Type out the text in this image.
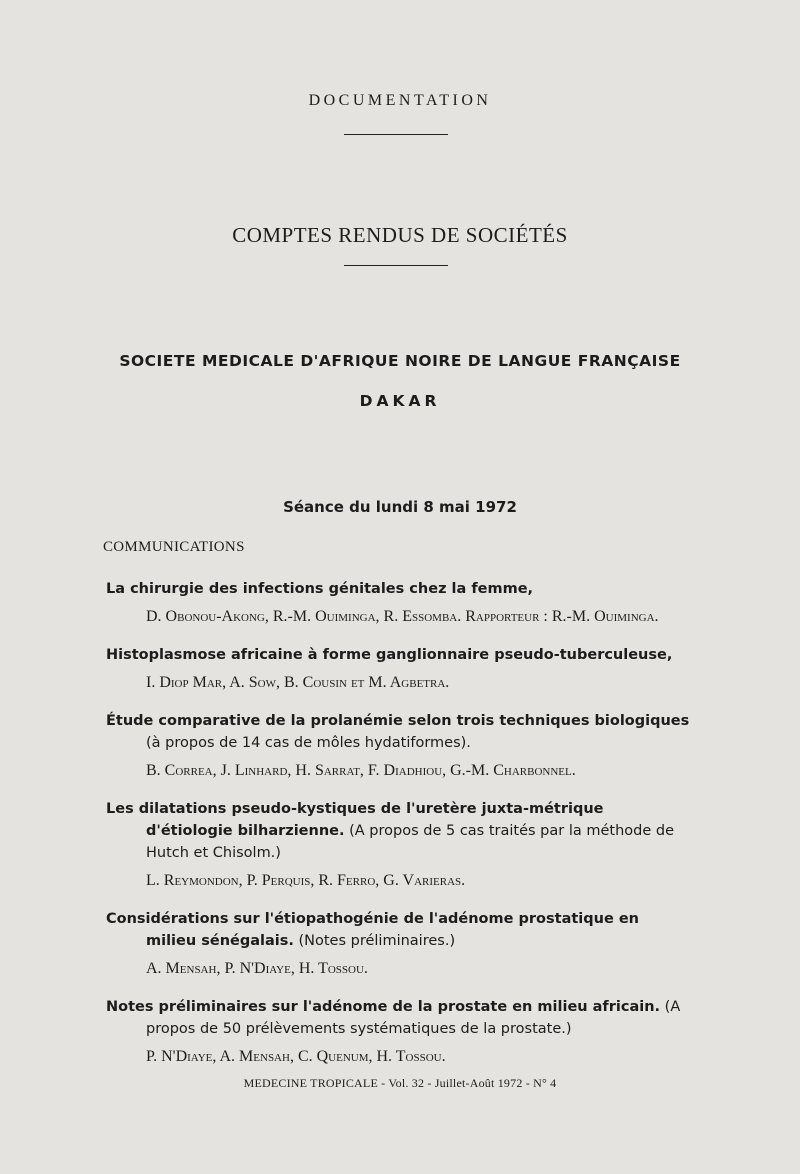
DOCUMENTATION
COMPTES RENDUS DE SOCIÉTÉS
SOCIETE MEDICALE D'AFRIQUE NOIRE DE LANGUE FRANÇAISE
DAKAR
Séance du lundi 8 mai 1972
COMMUNICATIONS
La chirurgie des infections génitales chez la femme,
D. Obonou-Akong, R.-M. Ouiminga, R. Essomba. Rapporteur : R.-M. Ouiminga.
Histoplasmose africaine à forme ganglionnaire pseudo-tuberculeuse,
I. Diop Mar, A. Sow, B. Cousin et M. Agbetra.
Étude comparative de la prolanémie selon trois techniques biologiques (à propos de 14 cas de môles hydatiformes).
B. Correa, J. Linhard, H. Sarrat, F. Diadhiou, G.-M. Charbonnel.
Les dilatations pseudo-kystiques de l'uretère juxta-métrique d'étiologie bilharzienne. (A propos de 5 cas traités par la méthode de Hutch et Chisolm.)
L. Reymondon, P. Perquis, R. Ferro, G. Varieras.
Considérations sur l'étiopathogénie de l'adénome prostatique en milieu sénégalais. (Notes préliminaires.)
A. Mensah, P. N'Diaye, H. Tossou.
Notes préliminaires sur l'adénome de la prostate en milieu africain. (A propos de 50 prélèvements systématiques de la prostate.)
P. N'Diaye, A. Mensah, C. Quenum, H. Tossou.
MEDECINE TROPICALE - Vol. 32 - Juillet-Août 1972 - N° 4
